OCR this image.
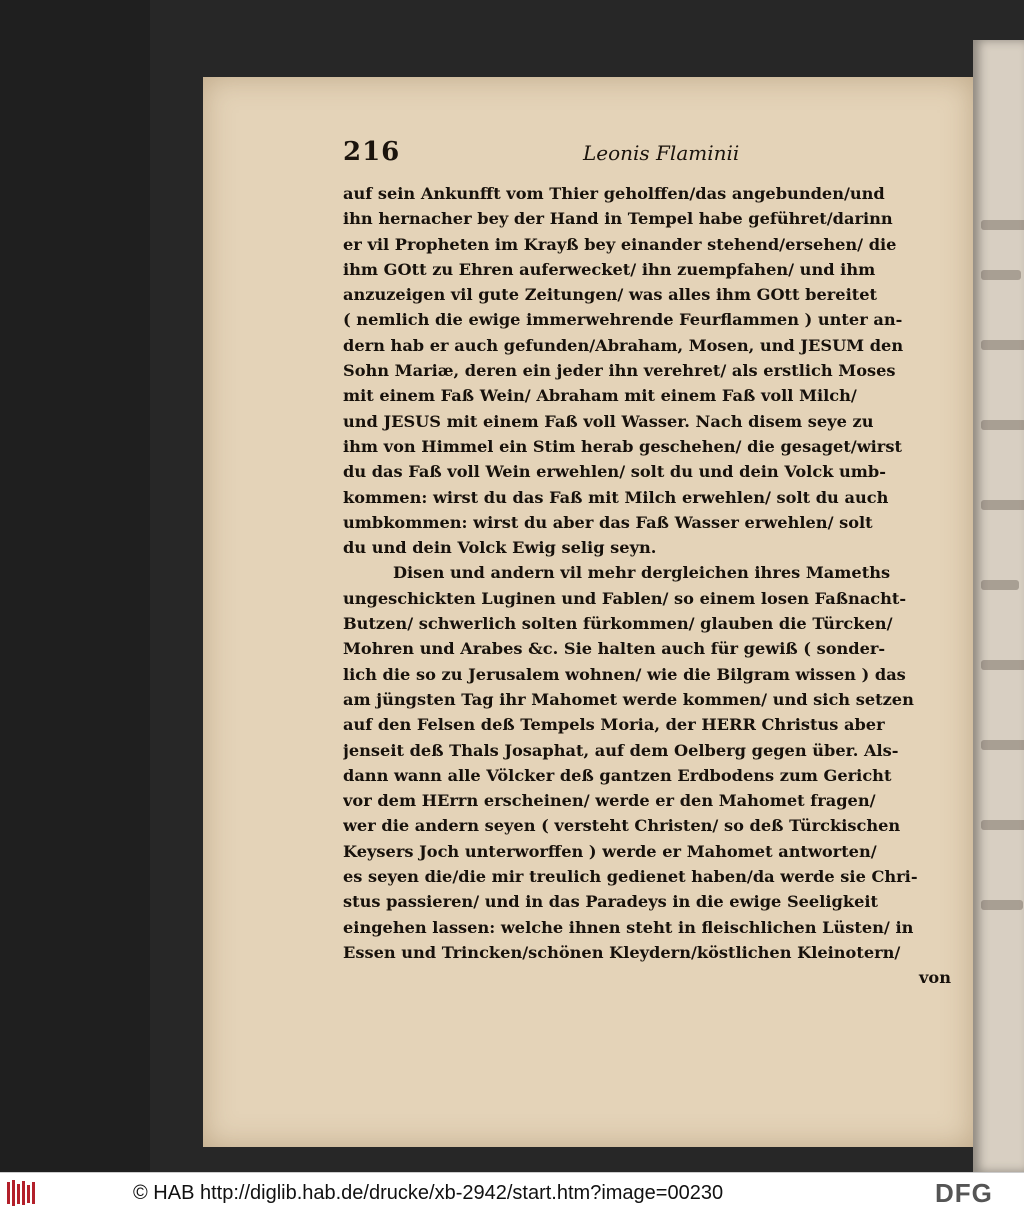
216	Leonis Flaminii
auf sein Ankunfft vom Thier geholffen/das angebunden/und
ihn hernacher bey der Hand in Tempel habe geführet/darinn
er vil Propheten im Krayß bey einander stehend/ersehen/ die
ihm GOtt zu Ehren auferwecket/ ihn zuempfahen/ und ihm
anzuzeigen vil gute Zeitungen/ was alles ihm GOtt bereitet
( nemlich die ewige immerwehrende Feurflammen ) unter an-
dern hab er auch gefunden/Abraham, Mosen, und JESUM den
Sohn Mariæ, deren ein jeder ihn verehret/ als erstlich Moses
mit einem Faß Wein/ Abraham mit einem Faß voll Milch/
und JESUS mit einem Faß voll Wasser. Nach disem seye zu
ihm von Himmel ein Stim herab geschehen/ die gesaget/wirst
du das Faß voll Wein erwehlen/ solt du und dein Volck umb-
kommen: wirst du das Faß mit Milch erwehlen/ solt du auch
umbkommen: wirst du aber das Faß Wasser erwehlen/ solt
du und dein Volck Ewig selig seyn.
Disen und andern vil mehr dergleichen ihres Mameths
ungeschickten Luginen und Fablen/ so einem losen Faßnacht-
Butzen/ schwerlich solten fürkommen/ glauben die Türcken/
Mohren und Arabes &c. Sie halten auch für gewiß ( sonder-
lich die so zu Jerusalem wohnen/ wie die Bilgram wissen ) das
am jüngsten Tag ihr Mahomet werde kommen/ und sich setzen
auf den Felsen deß Tempels Moria, der HERR Christus aber
jenseit deß Thals Josaphat, auf dem Oelberg gegen über. Als-
dann wann alle Völcker deß gantzen Erdbodens zum Gericht
vor dem HErrn erscheinen/ werde er den Mahomet fragen/
wer die andern seyen ( versteht Christen/ so deß Türckischen
Keysers Joch unterworffen ) werde er Mahomet antworten/
es seyen die/die mir treulich gedienet haben/da werde sie Chri-
stus passieren/ und in das Paradeys in die ewige Seeligkeit
eingehen lassen: welche ihnen steht in fleischlichen Lüsten/ in
Essen und Trincken/schönen Kleydern/köstlichen Kleinotern/
von
© HAB http://diglib.hab.de/drucke/xb-2942/start.htm?image=00230	DFG
